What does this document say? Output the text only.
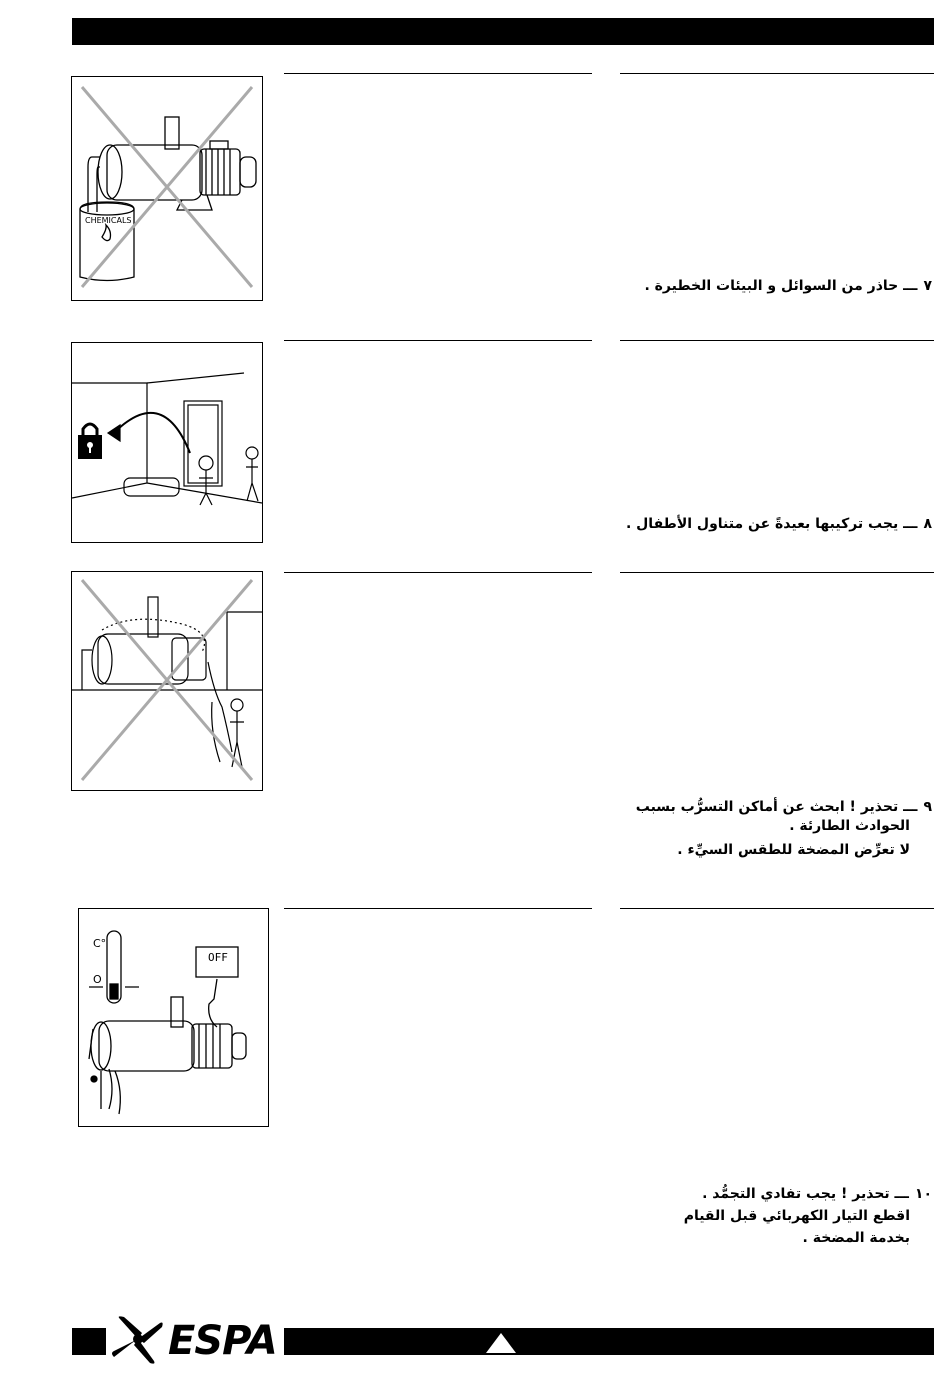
CHEMICALS
٧ـــ حاذر من السوائل و البيئات الخطيرة .
٨ـــ يجب تركيبها بعيدةً عن متناول الأطفال .
٩ـــ تحذير ! ابحث عن أماكن التسرُّب بسبب
الحوادث الطارئة .
لا تعرِّض المضخة للطقس السيِّء .
C°
O
OFF
١٠ـــ تحذير ! يجب تفادي التجمُّد .
اقطع التيار الكهربائي قبل القيام
بخدمة المضخة .
ESPA
